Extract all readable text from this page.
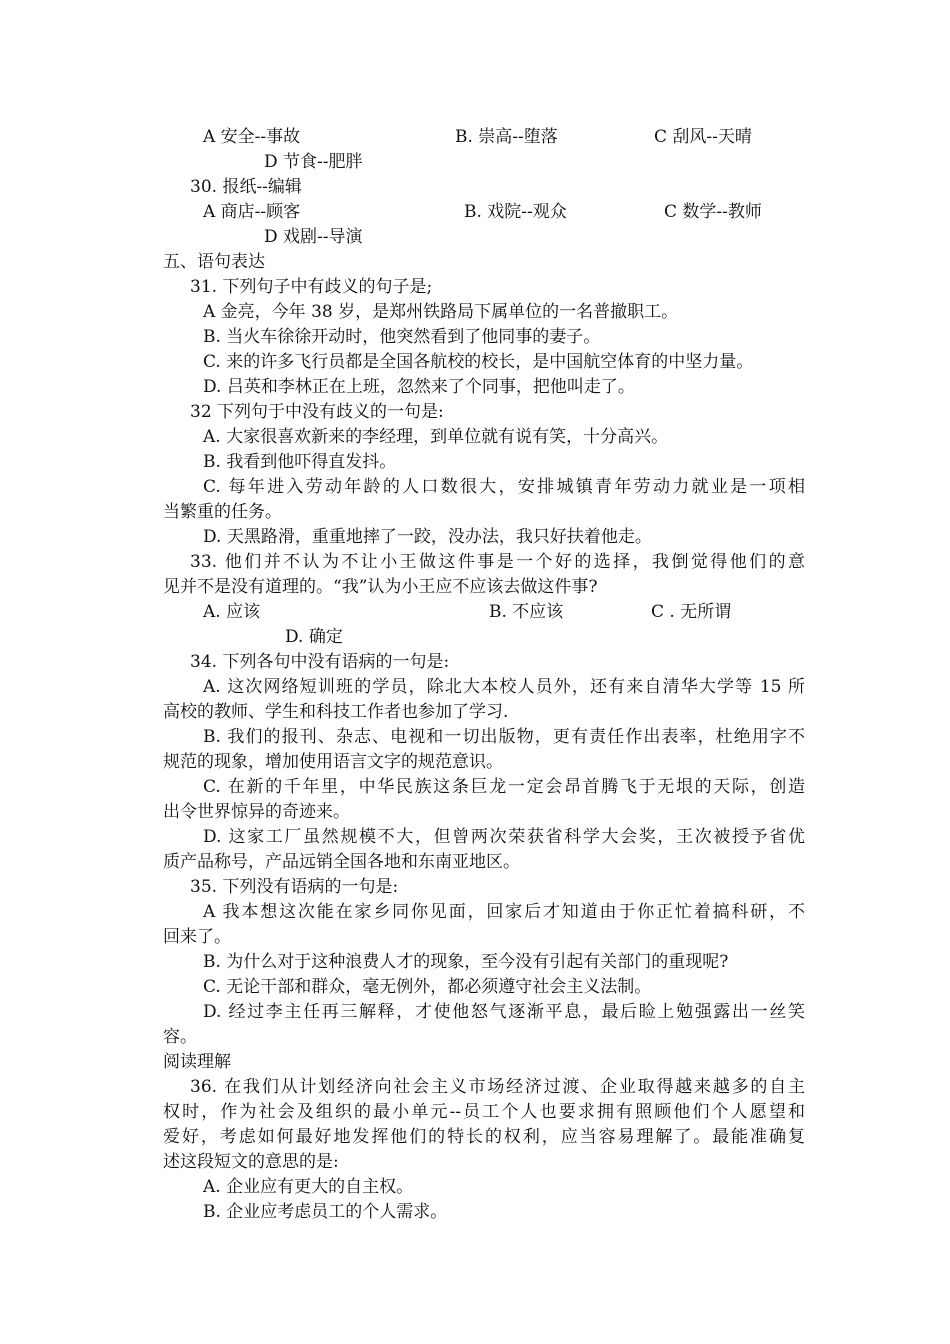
A 安全--事故	B. 崇高--堕落	C 刮风--天晴
D 节食--肥胖
30. 报纸--编辑
A 商店--顾客	B. 戏院--观众	C 数学--教师
D 戏剧--导演
五、语句表达
31. 下列句子中有歧义的句子是;
A 金亮，今年 38 岁，是郑州铁路局下属单位的一名普撤职工。
B. 当火车徐徐开动时，他突然看到了他同事的妻子。
C. 来的许多飞行员都是全国各航校的校长，是中国航空体育的中坚力量。
D. 吕英和李林正在上班，忽然来了个同事，把他叫走了。
32 下列句于中没有歧义的一句是:
A. 大家很喜欢新来的李经理，到单位就有说有笑，十分高兴。
B. 我看到他吓得直发抖。
C. 每年进入劳动年龄的人口数很大，安排城镇青年劳动力就业是一项相
当繁重的任务。
D. 天黑路滑，重重地摔了一跤，没办法，我只好扶着他走。
33. 他们并不认为不让小王做这件事是一个好的选择，我倒觉得他们的意
见并不是没有道理的。“我”认为小王应不应该去做这件事?
A. 应该	B. 不应该	C . 无所谓
D. 确定
34. 下列各句中没有语病的一句是:
A. 这次网络短训班的学员，除北大本校人员外，还有来自清华大学等 15 所
高校的教师、学生和科技工作者也参加了学习.
B. 我们的报刊、杂志、电视和一切出版物，更有责任作出表率，杜绝用字不
规范的现象，增加使用语言文字的规范意识。
C. 在新的千年里，中华民族这条巨龙一定会昂首腾飞于无垠的天际，创造
出令世界惊异的奇迹来。
D. 这家工厂虽然规模不大，但曾两次荣获省科学大会奖，王次被授予省优
质产品称号，产品远销全国各地和东南亚地区。
35. 下列没有语病的一句是:
A 我本想这次能在家乡同你见面，回家后才知道由于你正忙着搞科研，不
回来了。
B. 为什么对于这种浪费人才的现象，至今没有引起有关部门的重现呢?
C. 无论干部和群众，毫无例外，都必须遵守社会主义法制。
D. 经过李主任再三解释，才使他怒气逐渐平息，最后睑上勉强露出一丝笑
容。
阅读理解
36. 在我们从计划经济向社会主义市场经济过渡、企业取得越来越多的自主
权时，作为社会及组织的最小单元--员工个人也要求拥有照顾他们个人愿望和
爱好，考虑如何最好地发挥他们的特长的权利，应当容易理解了。最能准确复
述这段短文的意思的是:
A. 企业应有更大的自主权。
B. 企业应考虑员工的个人需求。
